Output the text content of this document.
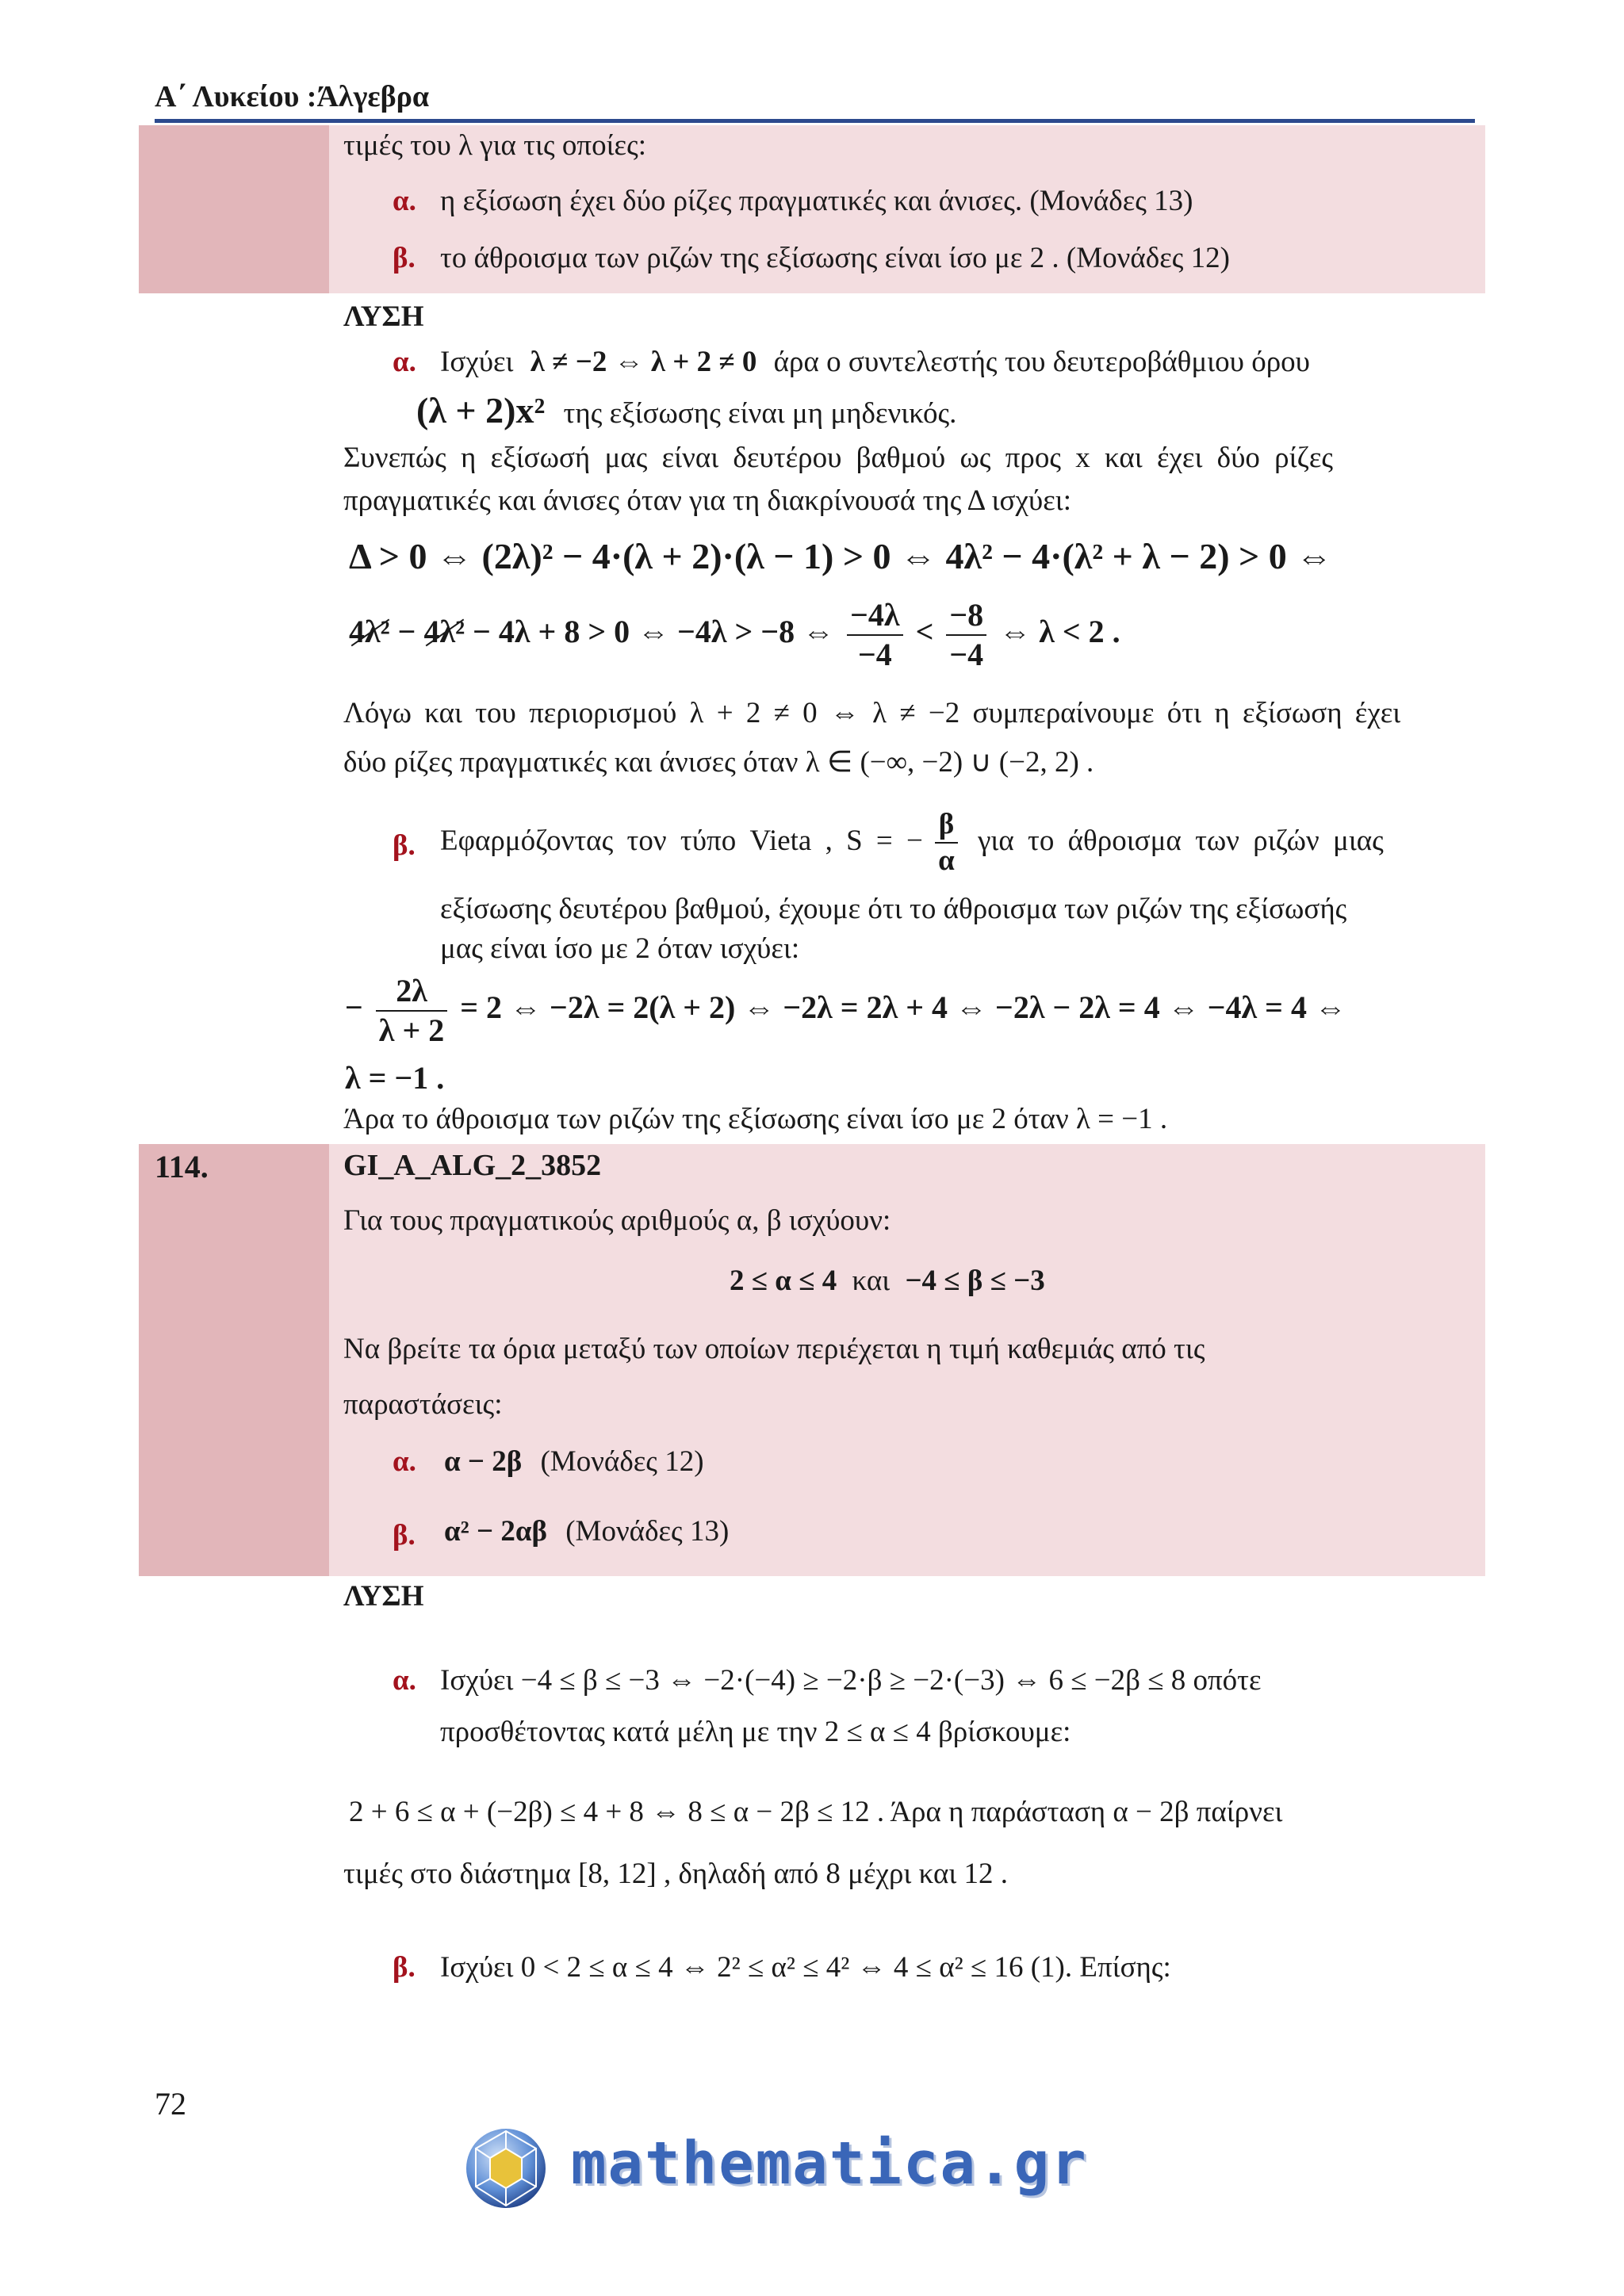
Α΄ Λυκείου :Άλγεβρα
τιμές του λ για τις οποίες:
α. η εξίσωση έχει δύο ρίζες πραγματικές και άνισες. (Μονάδες 13)
β. το άθροισμα των ριζών της εξίσωσης είναι ίσο με 2 . (Μονάδες 12)
ΛΥΣΗ
α. Ισχύει λ ≠ −2 ⇔ λ + 2 ≠ 0 άρα ο συντελεστής του δευτεροβάθμιου όρου
(λ + 2)x² της εξίσωσης είναι μη μηδενικός.
Συνεπώς η εξίσωσή μας είναι δευτέρου βαθμού ως προς x και έχει δύο ρίζες
πραγματικές και άνισες όταν για τη διακρίνουσά της Δ ισχύει:
Δ > 0 ⇔ (2λ)² − 4·(λ + 2)·(λ − 1) > 0 ⇔ 4λ² − 4·(λ² + λ − 2) > 0 ⇔
4λ² − 4λ² − 4λ + 8 > 0 ⇔ −4λ > −8 ⇔ $\frac{-4\lambda}{-4} < \frac{-8}{-4}$ ⇔ λ < 2 .
Λόγω και του περιορισμού λ + 2 ≠ 0 ⇔ λ ≠ −2 συμπεραίνουμε ότι η εξίσωση έχει
δύο ρίζες πραγματικές και άνισες όταν λ ∈ (−∞, −2) ∪ (−2, 2) .
β. Εφαρμόζοντας τον τύπο Vieta , S = − $\frac{\beta}{\alpha}$ για το άθροισμα των ριζών μιας
εξίσωσης δευτέρου βαθμού, έχουμε ότι το άθροισμα των ριζών της εξίσωσής
μας είναι ίσο με 2 όταν ισχύει:
− $\frac{2\lambda}{\lambda + 2} = 2$ ⇔ −2λ = 2(λ + 2) ⇔ −2λ = 2λ + 4 ⇔ −2λ − 2λ = 4 ⇔ −4λ = 4 ⇔
λ = −1 .
Άρα το άθροισμα των ριζών της εξίσωσης είναι ίσο με 2 όταν λ = −1 .
114.	GI_A_ALG_2_3852
Για τους πραγματικούς αριθμούς α, β ισχύουν:
2 ≤ α ≤ 4 και −4 ≤ β ≤ −3
Να βρείτε τα όρια μεταξύ των οποίων περιέχεται η τιμή καθεμιάς από τις
παραστάσεις:
α. α − 2β (Μονάδες 12)
β. α² − 2αβ (Μονάδες 13)
ΛΥΣΗ
α. Ισχύει −4 ≤ β ≤ −3 ⇔ −2·(−4) ≥ −2·β ≥ −2·(−3) ⇔ 6 ≤ −2β ≤ 8 οπότε
προσθέτοντας κατά μέλη με την 2 ≤ α ≤ 4 βρίσκουμε:
2 + 6 ≤ α + (−2β) ≤ 4 + 8 ⇔ 8 ≤ α − 2β ≤ 12 . Άρα η παράσταση α − 2β παίρνει
τιμές στο διάστημα [8, 12] , δηλαδή από 8 μέχρι και 12 .
β. Ισχύει 0 < 2 ≤ α ≤ 4 ⇔ 2² ≤ α² ≤ 4² ⇔ 4 ≤ α² ≤ 16 (1). Επίσης:
72
mathematica.gr
